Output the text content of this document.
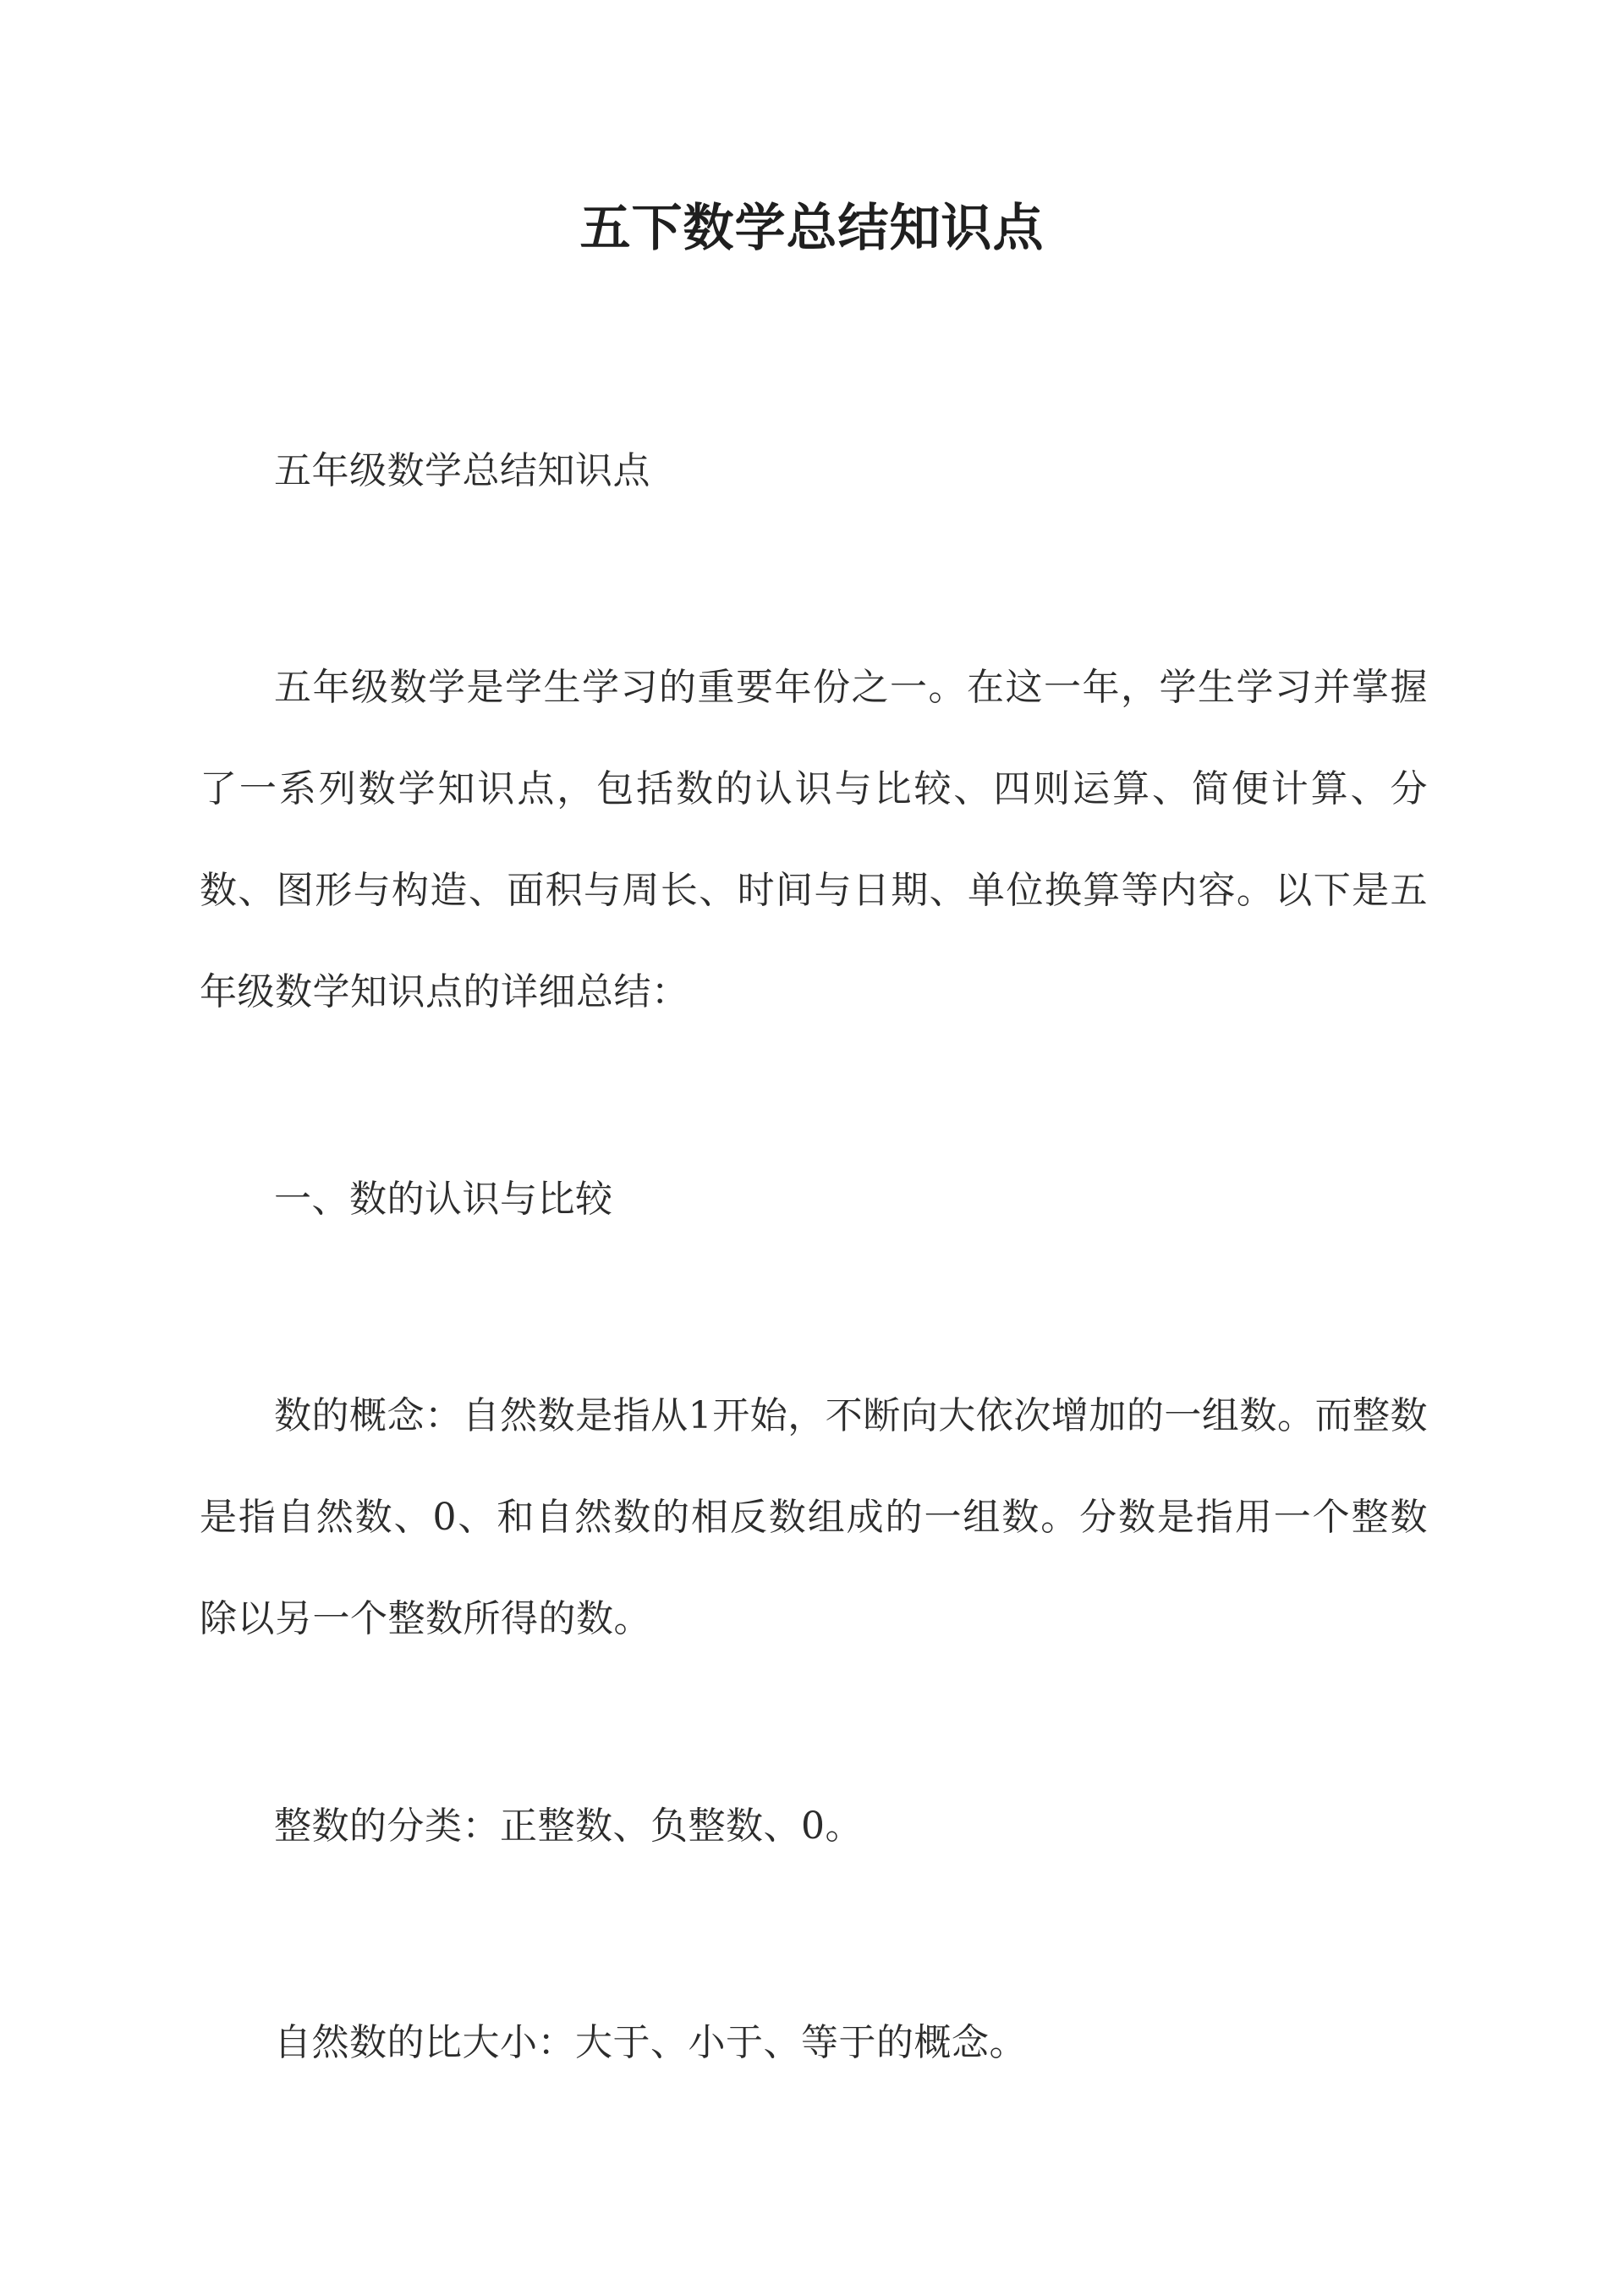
五下数学总结知识点

五年级数学总结知识点

五年级数学是学生学习的重要年份之一。在这一年，学生学习并掌握了一系列数学知识点，包括数的认识与比较、四则运算、简便计算、分数、图形与构造、面积与周长、时间与日期、单位换算等内容。以下是五年级数学知识点的详细总结：

一、数的认识与比较

数的概念：自然数是指从1开始，不断向大依次增加的一组数。而整数是指自然数、0、和自然数的相反数组成的一组数。分数是指用一个整数除以另一个整数所得的数。

整数的分类：正整数、负整数、0。

自然数的比大小：大于、小于、等于的概念。
